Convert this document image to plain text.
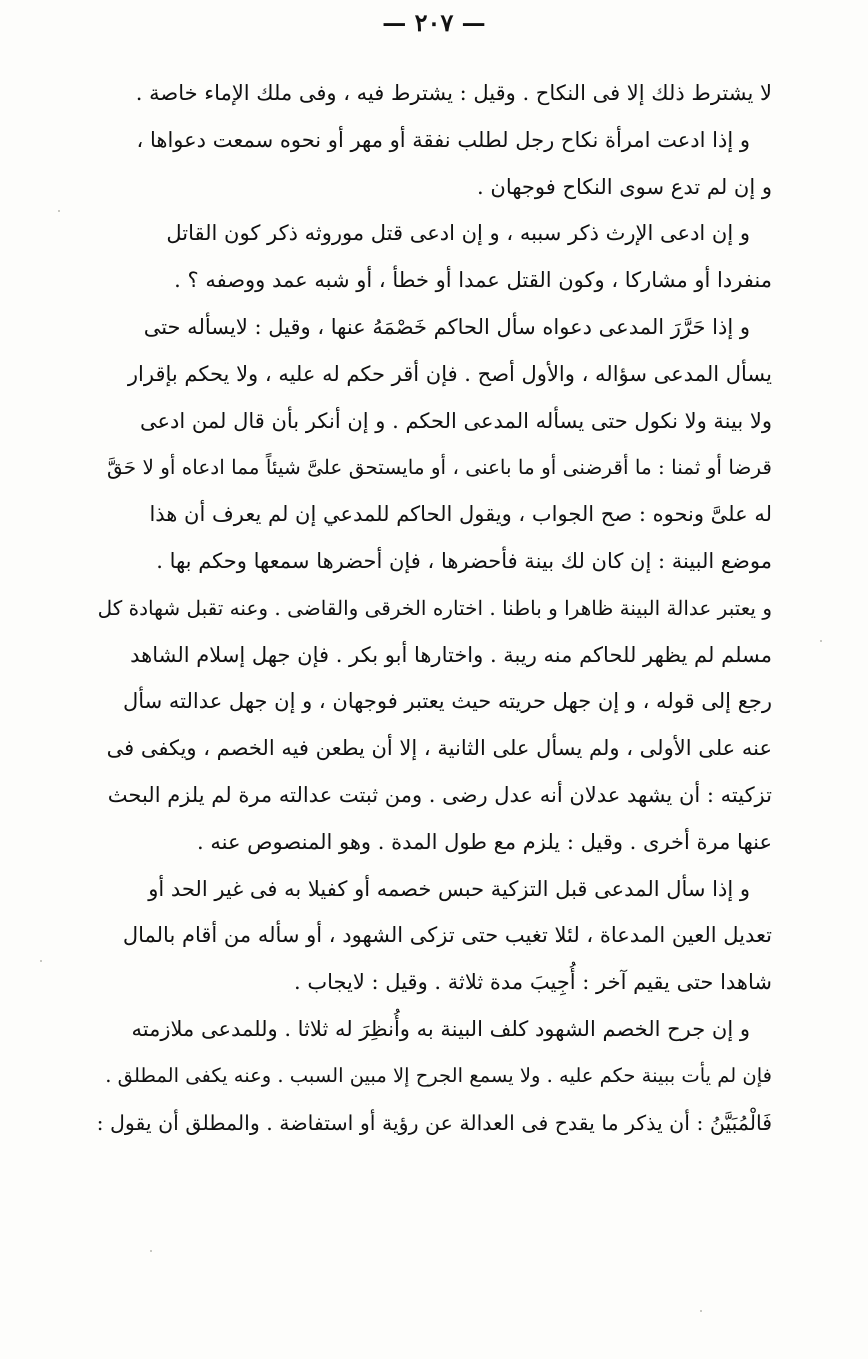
— ٢٠٧ —
لا يشترط ذلك إلا فى النكاح . وقيل : يشترط فيه ، وفى ملك الإماء خاصة .
و إذا ادعت امرأة نكاح رجل لطلب نفقة أو مهر أو نحوه سمعت دعواها ،
و إن لم تدع سوى النكاح فوجهان .
و إن ادعى الإرث ذكر سببه ، و إن ادعى قتل موروثه ذكر كون القاتل
منفردا أو مشاركا ، وكون القتل عمدا أو خطأ ، أو شبه عمد ووصفه ؟ .
و إذا حَرَّرَ المدعى دعواه سأل الحاكم خَصْمَهُ عنها ، وقيل : لايسأله حتى
يسأل المدعى سؤاله ، والأول أصح . فإن أقر حكم له عليه ، ولا يحكم بإقرار
ولا بينة ولا نكول حتى يسأله المدعى الحكم . و إن أنكر بأن قال لمن ادعى
قرضا أو ثمنا : ما أقرضنى أو ما باعنى ، أو مايستحق علىَّ شيئاً مما ادعاه أو لا حَقَّ
له علىَّ ونحوه : صح الجواب ، ويقول الحاكم للمدعي إن لم يعرف أن هذا
موضع البينة : إن كان لك بينة فأحضرها ، فإن أحضرها سمعها وحكم بها .
و يعتبر عدالة البينة ظاهرا و باطنا . اختاره الخرقى والقاضى . وعنه تقبل شهادة كل
مسلم لم يظهر للحاكم منه ريبة . واختارها أبو بكر . فإن جهل إسلام الشاهد
رجع إلى قوله ، و إن جهل حريته حيث يعتبر فوجهان ، و إن جهل عدالته سأل
عنه على الأولى ، ولم يسأل على الثانية ، إلا أن يطعن فيه الخصم ، ويكفى فى
تزكيته : أن يشهد عدلان أنه عدل رضى . ومن ثبتت عدالته مرة لم يلزم البحث
عنها مرة أخرى . وقيل : يلزم مع طول المدة . وهو المنصوص عنه .
و إذا سأل المدعى قبل التزكية حبس خصمه أو كفيلا به فى غير الحد أو
تعديل العين المدعاة ، لئلا تغيب حتى تزكى الشهود ، أو سأله من أقام بالمال
شاهدا حتى يقيم آخر : أُجِيبَ مدة ثلاثة . وقيل : لايجاب .
و إن جرح الخصم الشهود كلف البينة به وأُنظِرَ له ثلاثا . وللمدعى ملازمته
فإن لم يأت ببينة حكم عليه . ولا يسمع الجرح إلا مبين السبب . وعنه يكفى المطلق .
فَالْمُبَيَّنُ : أن يذكر ما يقدح فى العدالة عن رؤية أو استفاضة . والمطلق أن يقول :
